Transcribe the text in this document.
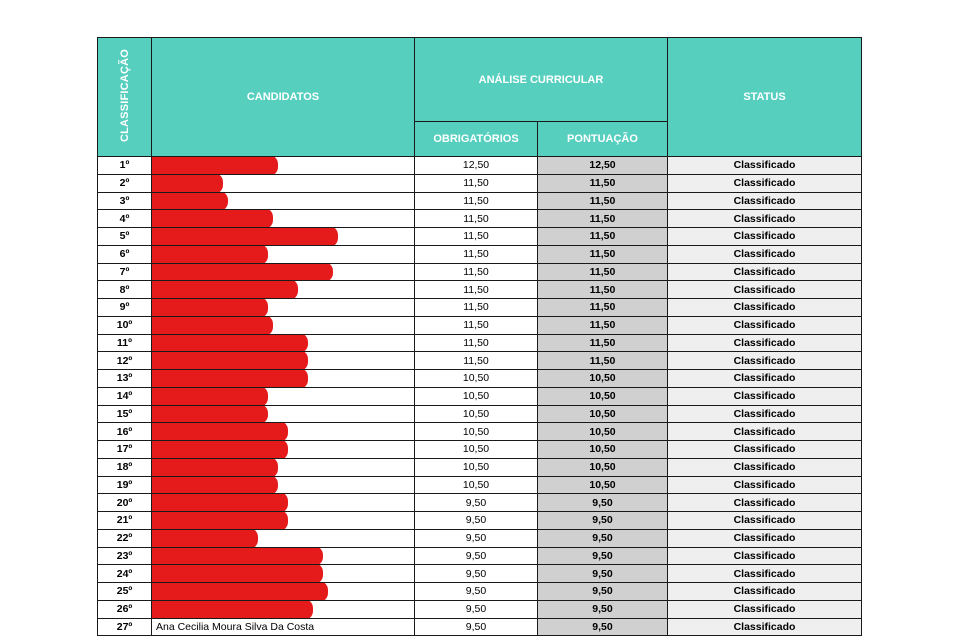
CLASSIFICAÇÃO	CANDIDATOS	ANÁLISE CURRICULAR		STATUS
		OBRIGATÓRIOS	PONTUAÇÃO	
1º		12,50	12,50	Classificado
2º		11,50	11,50	Classificado
3º		11,50	11,50	Classificado
4º		11,50	11,50	Classificado
5º		11,50	11,50	Classificado
6º		11,50	11,50	Classificado
7º		11,50	11,50	Classificado
8º		11,50	11,50	Classificado
9º		11,50	11,50	Classificado
10º		11,50	11,50	Classificado
11º		11,50	11,50	Classificado
12º		11,50	11,50	Classificado
13º		10,50	10,50	Classificado
14º		10,50	10,50	Classificado
15º		10,50	10,50	Classificado
16º		10,50	10,50	Classificado
17º		10,50	10,50	Classificado
18º		10,50	10,50	Classificado
19º		10,50	10,50	Classificado
20º		9,50	9,50	Classificado
21º		9,50	9,50	Classificado
22º		9,50	9,50	Classificado
23º		9,50	9,50	Classificado
24º		9,50	9,50	Classificado
25º		9,50	9,50	Classificado
26º		9,50	9,50	Classificado
27º	Ana Cecilia Moura Silva Da Costa	9,50	9,50	Classificado
